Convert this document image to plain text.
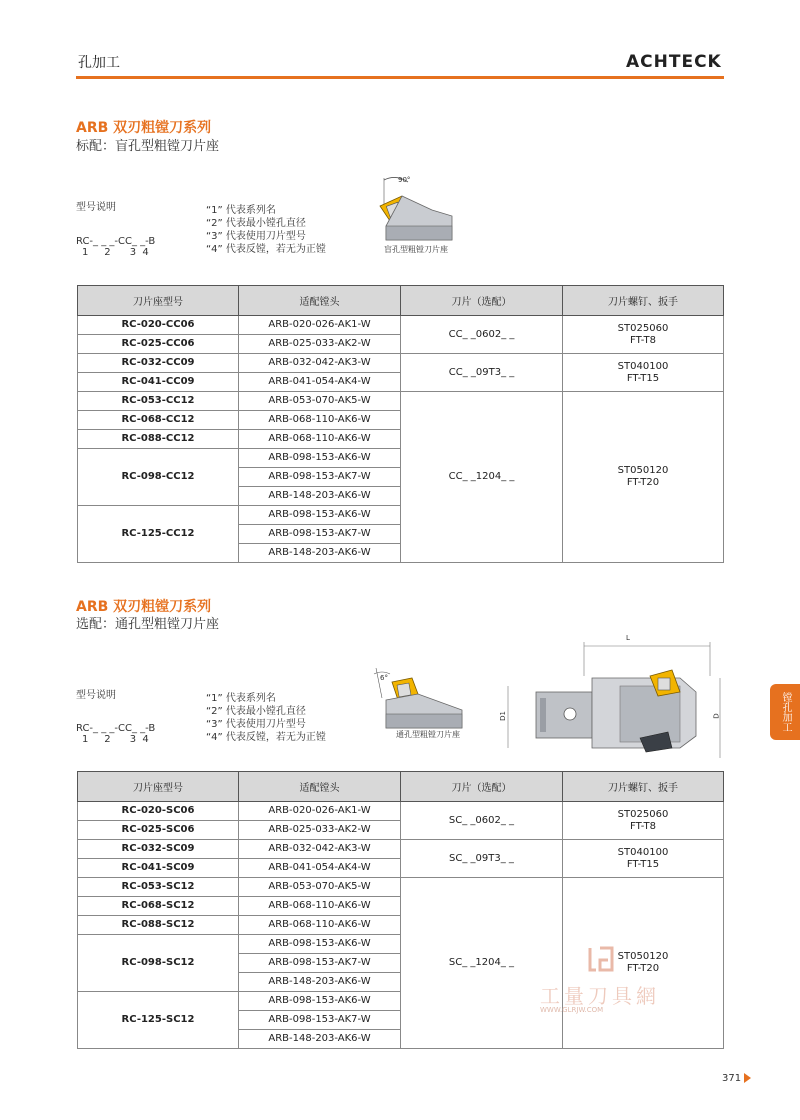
孔加工	ACHTECK
ARB 双刃粗镗刀系列
标配：盲孔型粗镗刀片座
型号说明
RC-_ _ _-CC_ _-B
1     2      3  4
“1” 代表系列名
“2” 代表最小镗孔直径
“3” 代表使用刀片型号
“4” 代表反镗，若无为正镗
90°
盲孔型粗镗刀片座
刀片座型号	适配镗头	刀片（选配）	刀片螺钉、扳手
RC-020-CC06	ARB-020-026-AK1-W	CC_ _0602_ _	ST025060
FT-T8

RC-025-CC06	ARB-025-033-AK2-W		
RC-032-CC09	ARB-032-042-AK3-W	CC_ _09T3_ _	ST040100
FT-T15

RC-041-CC09	ARB-041-054-AK4-W		
RC-053-CC12	ARB-053-070-AK5-W	CC_ _1204_ _	ST050120
FT-T20

RC-068-CC12	ARB-068-110-AK6-W		
RC-088-CC12	ARB-068-110-AK6-W		
RC-098-CC12	ARB-098-153-AK6-W		
	ARB-098-153-AK7-W		
	ARB-148-203-AK6-W		
RC-125-CC12	ARB-098-153-AK6-W		
	ARB-098-153-AK7-W		
	ARB-148-203-AK6-W		
ARB 双刃粗镗刀系列
选配：通孔型粗镗刀片座
型号说明
RC-_ _ _-CC_ _-B
1     2      3  4
“1” 代表系列名
“2” 代表最小镗孔直径
“3” 代表使用刀片型号
“4” 代表反镗，若无为正镗
6°
通孔型粗镗刀片座
L
D1	D
刀片座型号	适配镗头	刀片（选配）	刀片螺钉、扳手
RC-020-SC06	ARB-020-026-AK1-W	SC_ _0602_ _	ST025060
FT-T8

RC-025-SC06	ARB-025-033-AK2-W		
RC-032-SC09	ARB-032-042-AK3-W	SC_ _09T3_ _	ST040100
FT-T15

RC-041-SC09	ARB-041-054-AK4-W		
RC-053-SC12	ARB-053-070-AK5-W	SC_ _1204_ _	ST050120
FT-T20

RC-068-SC12	ARB-068-110-AK6-W		
RC-088-SC12	ARB-068-110-AK6-W		
RC-098-SC12	ARB-098-153-AK6-W		
	ARB-098-153-AK7-W		
	ARB-148-203-AK6-W		
RC-125-SC12	ARB-098-153-AK6-W		
	ARB-098-153-AK7-W		
	ARB-148-203-AK6-W		
工量刀具網
WWW.GLRJW.COM
镗孔加工
371
